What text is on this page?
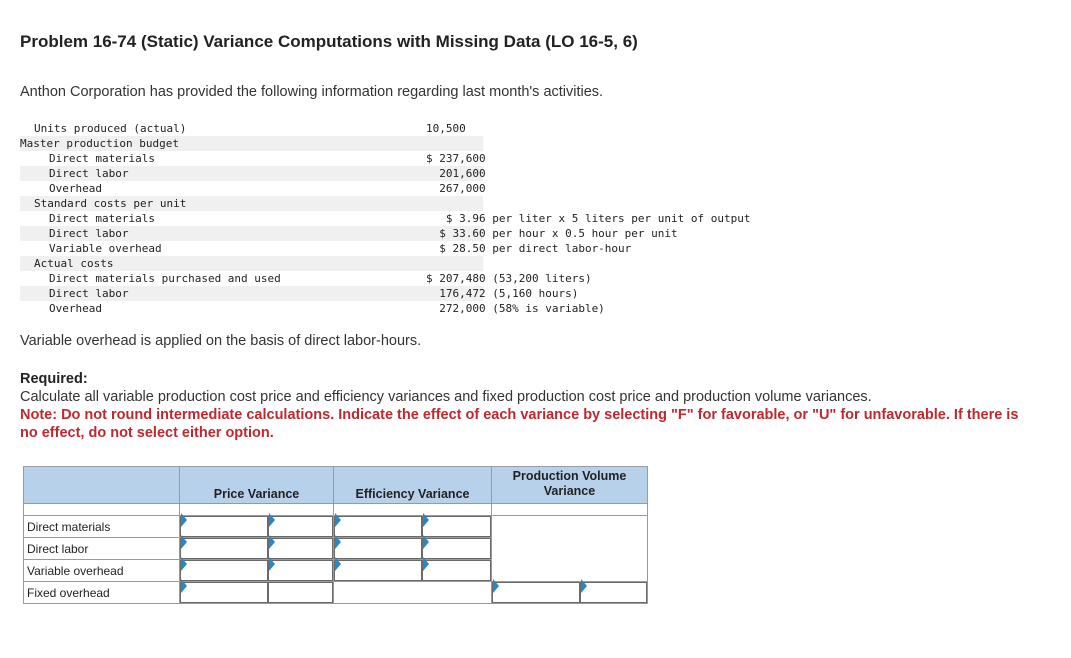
Problem 16-74 (Static) Variance Computations with Missing Data (LO 16-5, 6)
Anthon Corporation has provided the following information regarding last month's activities.
Units produced (actual)	10,500
Master production budget
Direct materials	$ 237,600
Direct labor	201,600
Overhead	267,000
Standard costs per unit
Direct materials	$ 3.96 per liter x 5 liters per unit of output
Direct labor	$ 33.60 per hour x 0.5 hour per unit
Variable overhead	$ 28.50 per direct labor-hour
Actual costs
Direct materials purchased and used	$ 207,480 (53,200 liters)
Direct labor	176,472 (5,160 hours)
Overhead	272,000 (58% is variable)
Variable overhead is applied on the basis of direct labor-hours.
Required:
Calculate all variable production cost price and efficiency variances and fixed production cost price and production volume variances.
Note: Do not round intermediate calculations. Indicate the effect of each variance by selecting "F" for favorable, or "U" for unfavorable. If there is no effect, do not select either option.
	Price Variance	Efficiency Variance	Production Volume Variance

Direct materials	

Direct labor		

Variable overhead		

Fixed overhead	
